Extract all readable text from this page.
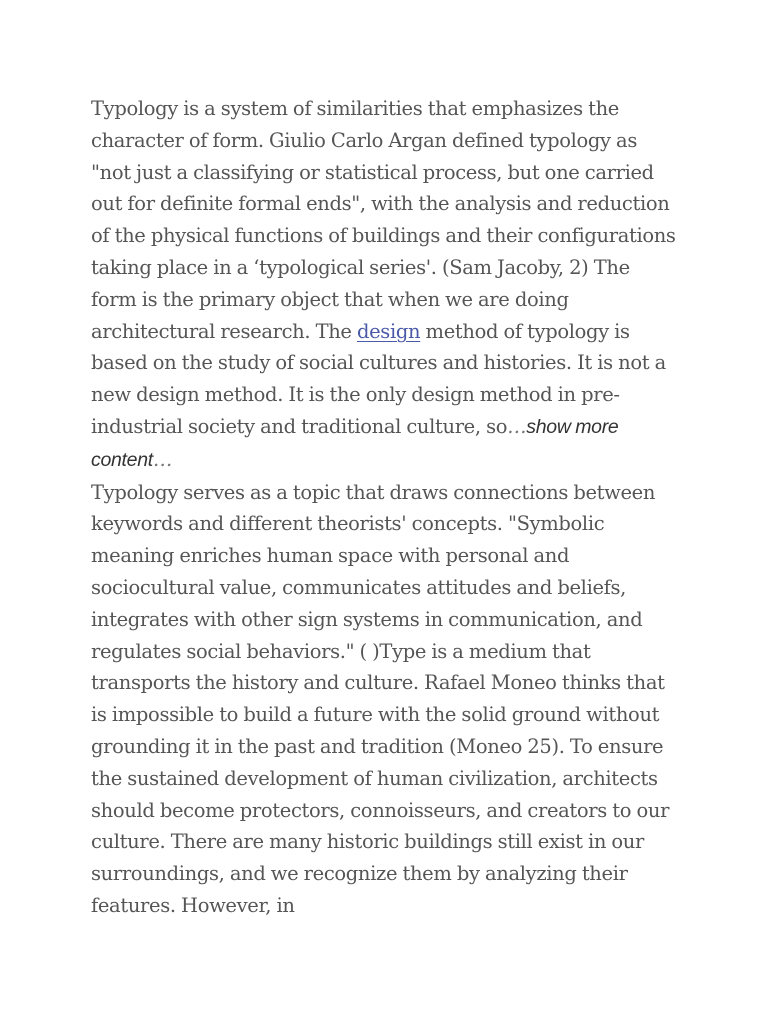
Typology is a system of similarities that emphasizes the character of form. Giulio Carlo Argan defined typology as "not just a classifying or statistical process, but one carried out for definite formal ends", with the analysis and reduction of the physical functions of buildings and their configurations taking place in a ‘typological series'. (Sam Jacoby, 2) The form is the primary object that when we are doing architectural research. The design method of typology is based on the study of social cultures and histories. It is not a new design method. It is the only design method in pre-industrial society and traditional culture, so…show more content…

Typology serves as a topic that draws connections between keywords and different theorists' concepts. "Symbolic meaning enriches human space with personal and sociocultural value, communicates attitudes and beliefs, integrates with other sign systems in communication, and regulates social behaviors." ( )Type is a medium that transports the history and culture. Rafael Moneo thinks that is impossible to build a future with the solid ground without grounding it in the past and tradition (Moneo 25). To ensure the sustained development of human civilization, architects should become protectors, connoisseurs, and creators to our culture. There are many historic buildings still exist in our surroundings, and we recognize them by analyzing their features. However, in
